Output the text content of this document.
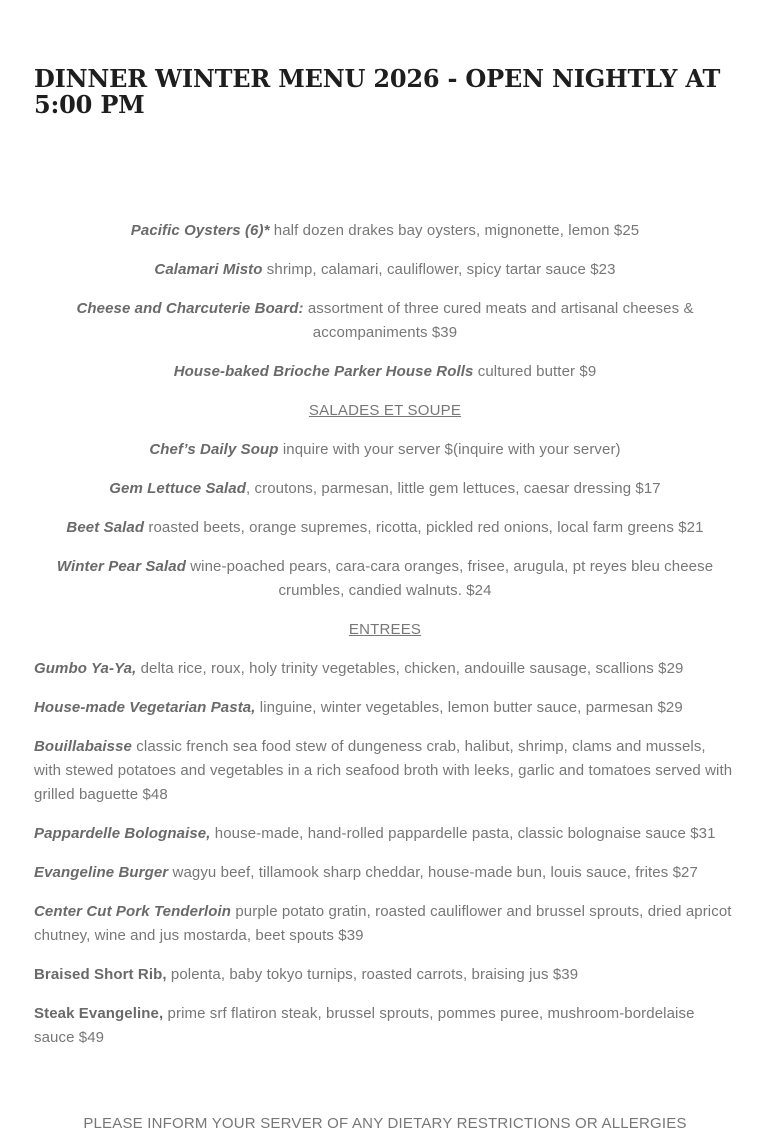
DINNER WINTER MENU 2026 - OPEN NIGHTLY AT 5:00 PM

Pacific Oysters (6)* half dozen drakes bay oysters, mignonette, lemon $25

Calamari Misto shrimp, calamari, cauliflower, spicy tartar sauce $23

Cheese and Charcuterie Board: assortment of three cured meats and artisanal cheeses & accompaniments $39

House-baked Brioche Parker House Rolls cultured butter $9

SALADES ET SOUPE

Chef’s Daily Soup inquire with your server $(inquire with your server)

Gem Lettuce Salad, croutons, parmesan, little gem lettuces, caesar dressing $17

Beet Salad roasted beets, orange supremes, ricotta, pickled red onions, local farm greens $21

Winter Pear Salad wine-poached pears, cara-cara oranges, frisee, arugula, pt reyes bleu cheese crumbles, candied walnuts. $24

ENTREES

Gumbo Ya-Ya, delta rice, roux, holy trinity vegetables, chicken, andouille sausage, scallions $29

House-made Vegetarian Pasta, linguine, winter vegetables, lemon butter sauce, parmesan $29

Bouillabaisse classic french sea food stew of dungeness crab, halibut, shrimp, clams and mussels, with stewed potatoes and vegetables in a rich seafood broth with leeks, garlic and tomatoes served with grilled baguette $48

Pappardelle Bolognaise, house-made, hand-rolled pappardelle pasta, classic bolognaise sauce $31

Evangeline Burger wagyu beef, tillamook sharp cheddar, house-made bun, louis sauce, frites $27

Center Cut Pork Tenderloin purple potato gratin, roasted cauliflower and brussel sprouts, dried apricot chutney, wine and jus mostarda, beet spouts $39

Braised Short Rib, polenta, baby tokyo turnips, roasted carrots, braising jus $39

Steak Evangeline, prime srf flatiron steak, brussel sprouts, pommes puree, mushroom-bordelaise sauce $49

PLEASE INFORM YOUR SERVER OF ANY DIETARY RESTRICTIONS OR ALLERGIES
